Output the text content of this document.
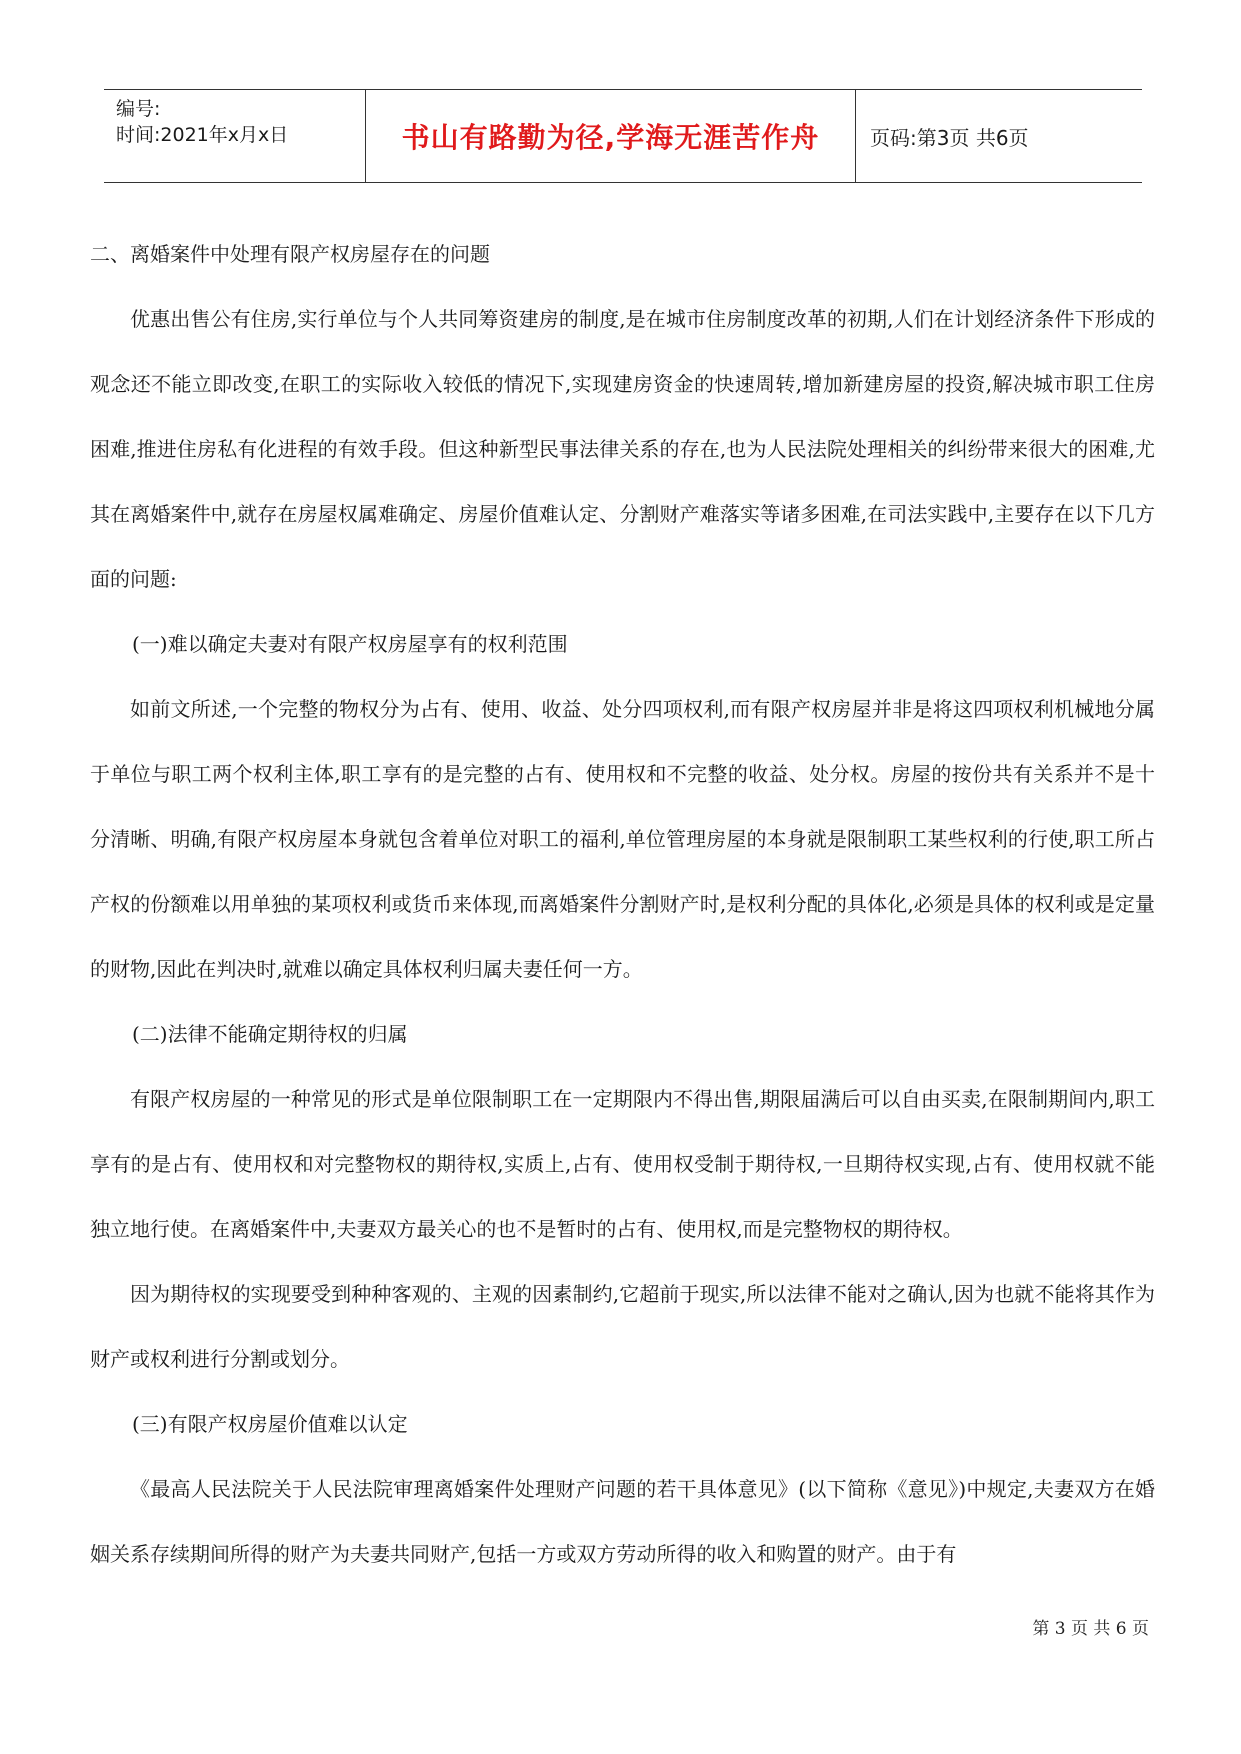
编号:
时间:2021年x月x日	书山有路勤为径,学海无涯苦作舟	页码:第3页 共6页

二、离婚案件中处理有限产权房屋存在的问题

优惠出售公有住房,实行单位与个人共同筹资建房的制度,是在城市住房制度改革的初期,人们在计划经济条件下形成的观念还不能立即改变,在职工的实际收入较低的情况下,实现建房资金的快速周转,增加新建房屋的投资,解决城市职工住房困难,推进住房私有化进程的有效手段。但这种新型民事法律关系的存在,也为人民法院处理相关的纠纷带来很大的困难,尤其在离婚案件中,就存在房屋权属难确定、房屋价值难认定、分割财产难落实等诸多困难,在司法实践中,主要存在以下几方面的问题:

(一)难以确定夫妻对有限产权房屋享有的权利范围

如前文所述,一个完整的物权分为占有、使用、收益、处分四项权利,而有限产权房屋并非是将这四项权利机械地分属于单位与职工两个权利主体,职工享有的是完整的占有、使用权和不完整的收益、处分权。房屋的按份共有关系并不是十分清晰、明确,有限产权房屋本身就包含着单位对职工的福利,单位管理房屋的本身就是限制职工某些权利的行使,职工所占产权的份额难以用单独的某项权利或货币来体现,而离婚案件分割财产时,是权利分配的具体化,必须是具体的权利或是定量的财物,因此在判决时,就难以确定具体权利归属夫妻任何一方。

(二)法律不能确定期待权的归属

有限产权房屋的一种常见的形式是单位限制职工在一定期限内不得出售,期限届满后可以自由买卖,在限制期间内,职工享有的是占有、使用权和对完整物权的期待权,实质上,占有、使用权受制于期待权,一旦期待权实现,占有、使用权就不能独立地行使。在离婚案件中,夫妻双方最关心的也不是暂时的占有、使用权,而是完整物权的期待权。

因为期待权的实现要受到种种客观的、主观的因素制约,它超前于现实,所以法律不能对之确认,因为也就不能将其作为财产或权利进行分割或划分。

(三)有限产权房屋价值难以认定

《最高人民法院关于人民法院审理离婚案件处理财产问题的若干具体意见》(以下简称《意见》)中规定,夫妻双方在婚姻关系存续期间所得的财产为夫妻共同财产,包括一方或双方劳动所得的收入和购置的财产。由于有

第 3 页 共 6 页
